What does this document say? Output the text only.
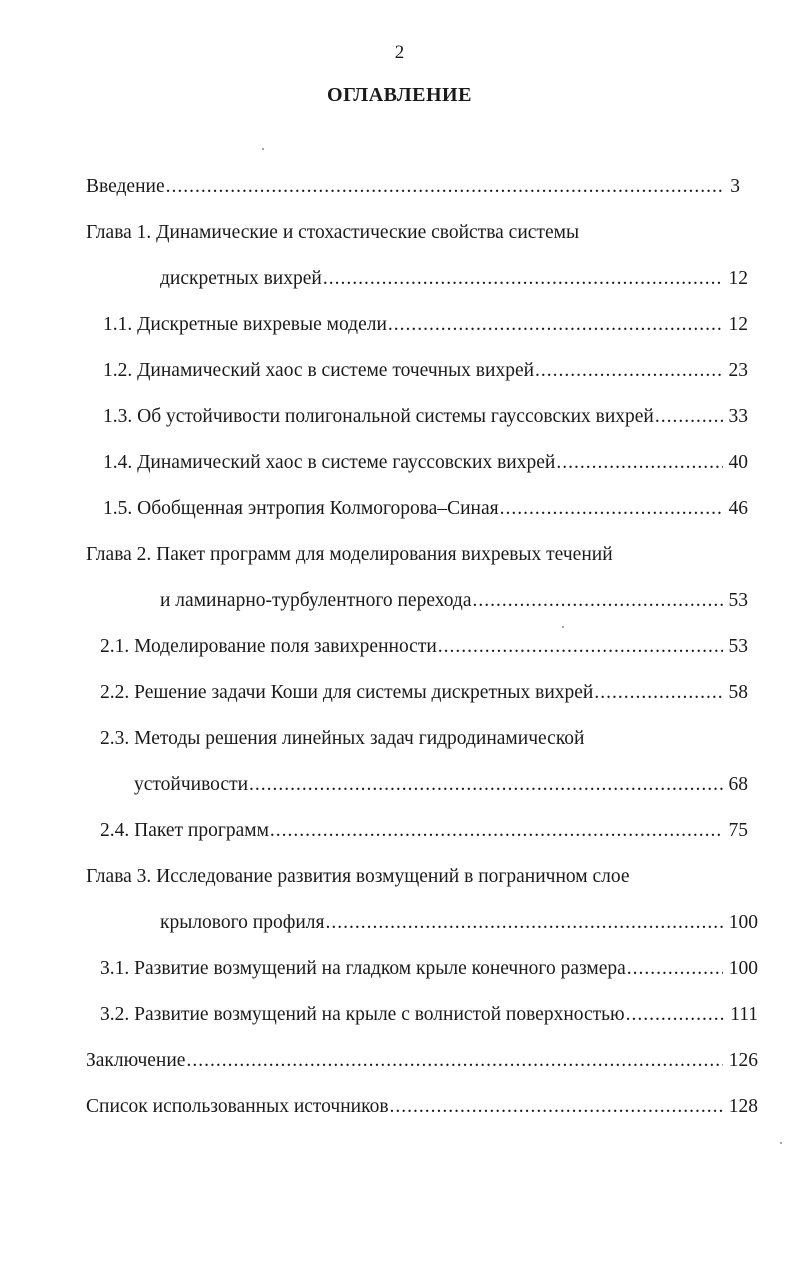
2
ОГЛАВЛЕНИЕ
Введение .....	3
Глава 1. Динамические и стохастические свойства системы
дискретных вихрей .....	12
1.1. Дискретные вихревые модели .....	12
1.2. Динамический хаос в системе точечных вихрей .....	23
1.3. Об устойчивости полигональной системы гауссовских вихрей .....	33
1.4. Динамический хаос в системе гауссовских вихрей .....	40
1.5. Обобщенная энтропия Колмогорова–Синая .....	46
Глава 2. Пакет программ для моделирования вихревых течений
и ламинарно-турбулентного перехода .....	53
2.1. Моделирование поля завихренности .....	53
2.2. Решение задачи Коши для системы дискретных вихрей .....	58
2.3. Методы решения линейных задач гидродинамической
устойчивости .....	68
2.4. Пакет программ .....	75
Глава 3. Исследование развития возмущений в пограничном слое
крылового профиля .....	100
3.1. Развитие возмущений на гладком крыле конечного размера .....	100
3.2. Развитие возмущений на крыле с волнистой поверхностью .....	111
Заключение .....	126
Список использованных источников .....	128
